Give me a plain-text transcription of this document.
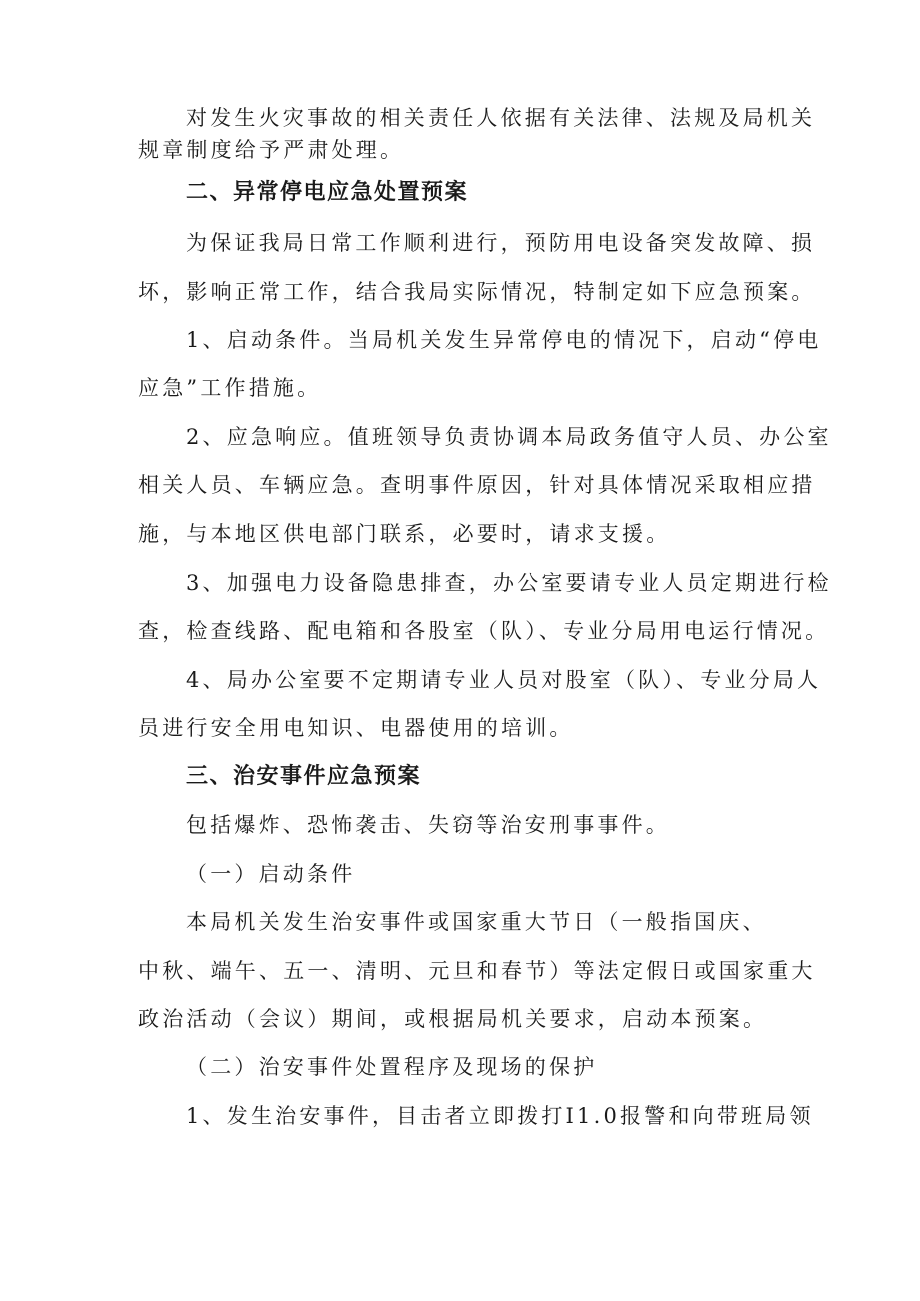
对发生火灾事故的相关责任人依据有关法律、法规及局机关
规章制度给予严肃处理。
二、异常停电应急处置预案
为保证我局日常工作顺利进行，预防用电设备突发故障、损
坏，影响正常工作，结合我局实际情况，特制定如下应急预案。
1、启动条件。当局机关发生异常停电的情况下，启动“停电
应急”工作措施。
2、应急响应。值班领导负责协调本局政务值守人员、办公室
相关人员、车辆应急。查明事件原因，针对具体情况采取相应措
施，与本地区供电部门联系，必要时，请求支援。
3、加强电力设备隐患排查，办公室要请专业人员定期进行检
查，检查线路、配电箱和各股室（队）、专业分局用电运行情况。
4、局办公室要不定期请专业人员对股室（队）、专业分局人
员进行安全用电知识、电器使用的培训。
三、治安事件应急预案
包括爆炸、恐怖袭击、失窃等治安刑事事件。
（一）启动条件
本局机关发生治安事件或国家重大节日（一般指国庆、
中秋、端午、五一、清明、元旦和春节）等法定假日或国家重大
政治活动（会议）期间，或根据局机关要求，启动本预案。
（二）治安事件处置程序及现场的保护
1、发生治安事件，目击者立即拨打I1.0报警和向带班局领
